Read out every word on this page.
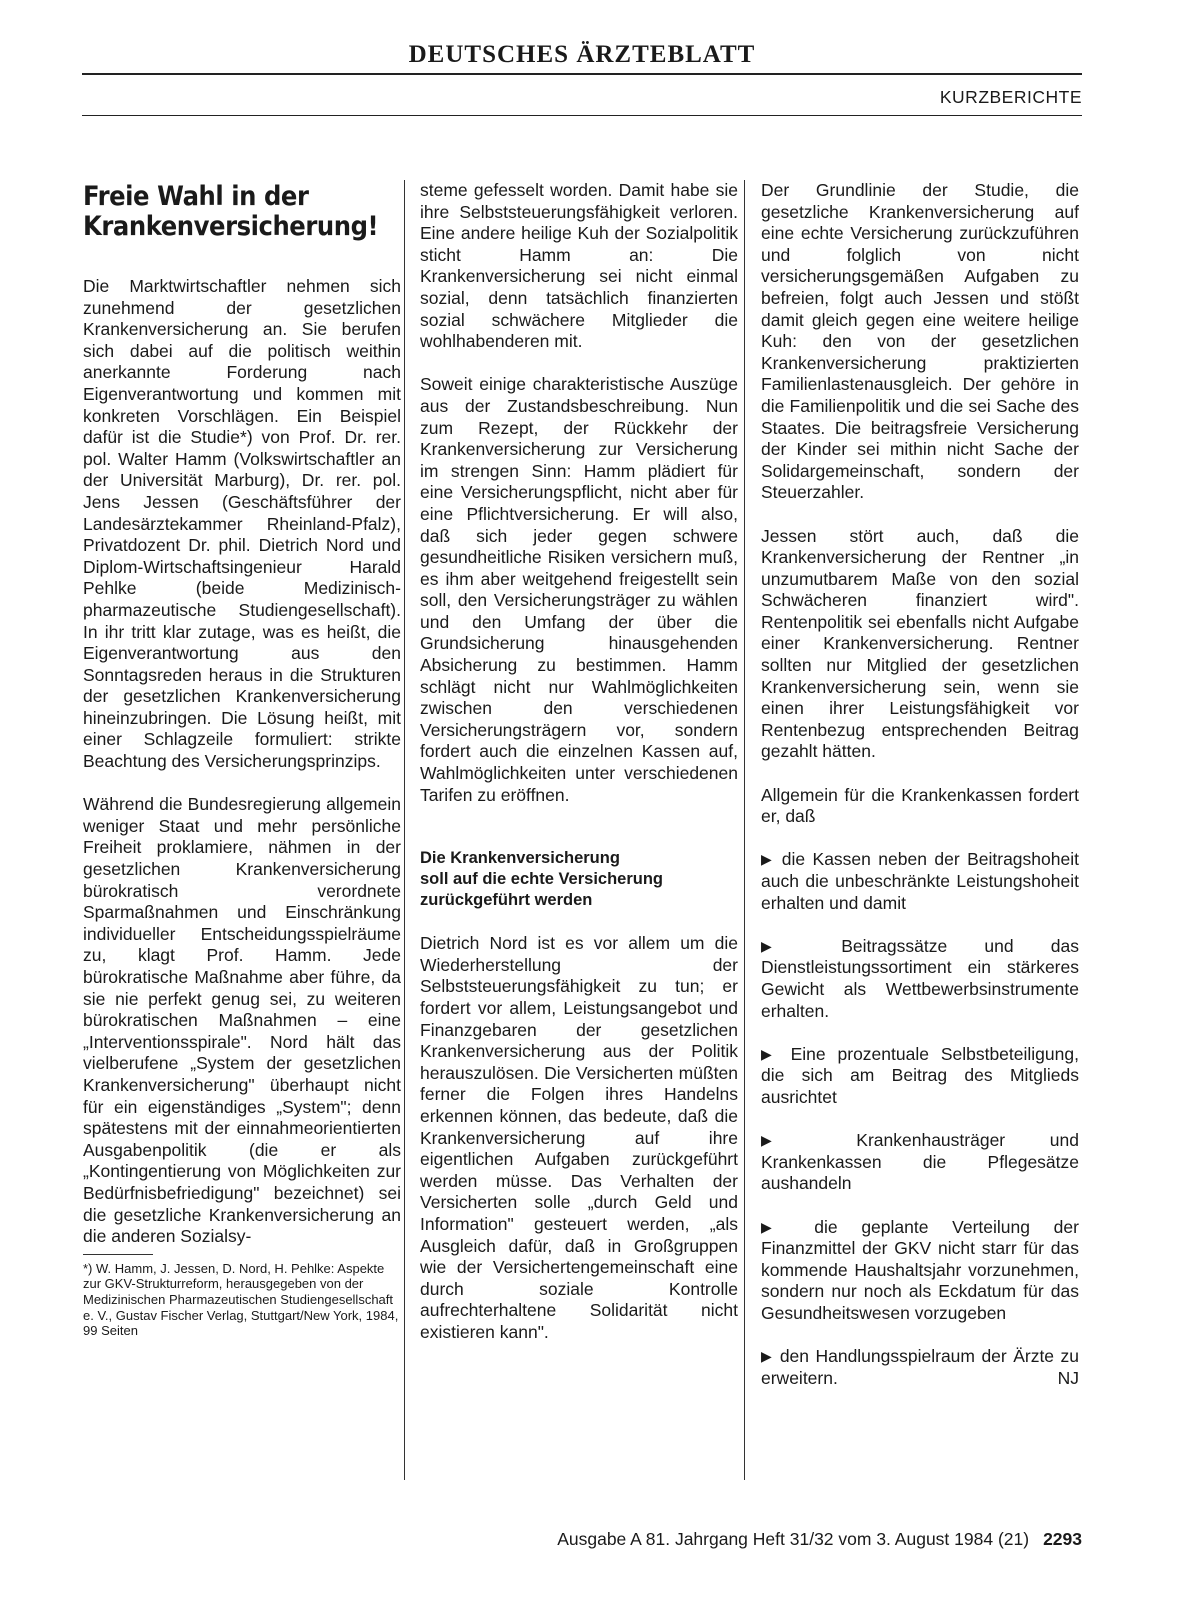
DEUTSCHES ÄRZTEBLATT
KURZBERICHTE
Freie Wahl in der
Krankenversicherung!

Die Marktwirtschaftler nehmen sich zunehmend der gesetzlichen Krankenversicherung an. Sie berufen sich dabei auf die politisch weithin anerkannte Forderung nach Eigenverantwortung und kommen mit konkreten Vorschlägen. Ein Beispiel dafür ist die Studie*) von Prof. Dr. rer. pol. Walter Hamm (Volkswirtschaftler an der Universität Marburg), Dr. rer. pol. Jens Jessen (Geschäftsführer der Landesärztekammer Rheinland-Pfalz), Privatdozent Dr. phil. Dietrich Nord und Diplom-Wirtschaftsingenieur Harald Pehlke (beide Medizinisch-pharmazeutische Studiengesellschaft). In ihr tritt klar zutage, was es heißt, die Eigenverantwortung aus den Sonntagsreden heraus in die Strukturen der gesetzlichen Krankenversicherung hineinzubringen. Die Lösung heißt, mit einer Schlagzeile formuliert: strikte Beachtung des Versicherungsprinzips.

Während die Bundesregierung allgemein weniger Staat und mehr persönliche Freiheit proklamiere, nähmen in der gesetzlichen Krankenversicherung bürokratisch verordnete Sparmaßnahmen und Einschränkung individueller Entscheidungsspielräume zu, klagt Prof. Hamm. Jede bürokratische Maßnahme aber führe, da sie nie perfekt genug sei, zu weiteren bürokratischen Maßnahmen – eine „Interventionsspirale". Nord hält das vielberufene „System der gesetzlichen Krankenversicherung" überhaupt nicht für ein eigenständiges „System"; denn spätestens mit der einnahmeorientierten Ausgabenpolitik (die er als „Kontingentierung von Möglichkeiten zur Bedürfnisbefriedigung" bezeichnet) sei die gesetzliche Krankenversicherung an die anderen Sozialsy-

*) W. Hamm, J. Jessen, D. Nord, H. Pehlke: Aspekte zur GKV-Strukturreform, herausgegeben von der Medizinischen Pharmazeutischen Studiengesellschaft e. V., Gustav Fischer Verlag, Stuttgart/New York, 1984, 99 Seiten

steme gefesselt worden. Damit habe sie ihre Selbststeuerungsfähigkeit verloren. Eine andere heilige Kuh der Sozialpolitik sticht Hamm an: Die Krankenversicherung sei nicht einmal sozial, denn tatsächlich finanzierten sozial schwächere Mitglieder die wohlhabenderen mit.

Soweit einige charakteristische Auszüge aus der Zustandsbeschreibung. Nun zum Rezept, der Rückkehr der Krankenversicherung zur Versicherung im strengen Sinn: Hamm plädiert für eine Versicherungspflicht, nicht aber für eine Pflichtversicherung. Er will also, daß sich jeder gegen schwere gesundheitliche Risiken versichern muß, es ihm aber weitgehend freigestellt sein soll, den Versicherungsträger zu wählen und den Umfang der über die Grundsicherung hinausgehenden Absicherung zu bestimmen. Hamm schlägt nicht nur Wahlmöglichkeiten zwischen den verschiedenen Versicherungsträgern vor, sondern fordert auch die einzelnen Kassen auf, Wahlmöglichkeiten unter verschiedenen Tarifen zu eröffnen.

Die Krankenversicherung
soll auf die echte Versicherung
zurückgeführt werden

Dietrich Nord ist es vor allem um die Wiederherstellung der Selbststeuerungsfähigkeit zu tun; er fordert vor allem, Leistungsangebot und Finanzgebaren der gesetzlichen Krankenversicherung aus der Politik herauszulösen. Die Versicherten müßten ferner die Folgen ihres Handelns erkennen können, das bedeute, daß die Krankenversicherung auf ihre eigentlichen Aufgaben zurückgeführt werden müsse. Das Verhalten der Versicherten solle „durch Geld und Information" gesteuert werden, „als Ausgleich dafür, daß in Großgruppen wie der Versichertengemeinschaft eine durch soziale Kontrolle aufrechterhaltene Solidarität nicht existieren kann".

Der Grundlinie der Studie, die gesetzliche Krankenversicherung auf eine echte Versicherung zurückzuführen und folglich von nicht versicherungsgemäßen Aufgaben zu befreien, folgt auch Jessen und stößt damit gleich gegen eine weitere heilige Kuh: den von der gesetzlichen Krankenversicherung praktizierten Familienlastenausgleich. Der gehöre in die Familienpolitik und die sei Sache des Staates. Die beitragsfreie Versicherung der Kinder sei mithin nicht Sache der Solidargemeinschaft, sondern der Steuerzahler.

Jessen stört auch, daß die Krankenversicherung der Rentner „in unzumutbarem Maße von den sozial Schwächeren finanziert wird". Rentenpolitik sei ebenfalls nicht Aufgabe einer Krankenversicherung. Rentner sollten nur Mitglied der gesetzlichen Krankenversicherung sein, wenn sie einen ihrer Leistungsfähigkeit vor Rentenbezug entsprechenden Beitrag gezahlt hätten.

Allgemein für die Krankenkassen fordert er, daß

▶ die Kassen neben der Beitragshoheit auch die unbeschränkte Leistungshoheit erhalten und damit

▶ Beitragssätze und das Dienstleistungssortiment ein stärkeres Gewicht als Wettbewerbsinstrumente erhalten.

▶ Eine prozentuale Selbstbeteiligung, die sich am Beitrag des Mitglieds ausrichtet

▶	Krankenhausträger und Krankenkassen die Pflegesätze aushandeln

▶ die geplante Verteilung der Finanzmittel der GKV nicht starr für das kommende Haushaltsjahr vorzunehmen, sondern nur noch als Eckdatum für das Gesundheitswesen vorzugeben

▶ den Handlungsspielraum der Ärzte zu erweitern.	NJ

Ausgabe A 81. Jahrgang Heft 31/32 vom 3. August 1984 (21) 2293
